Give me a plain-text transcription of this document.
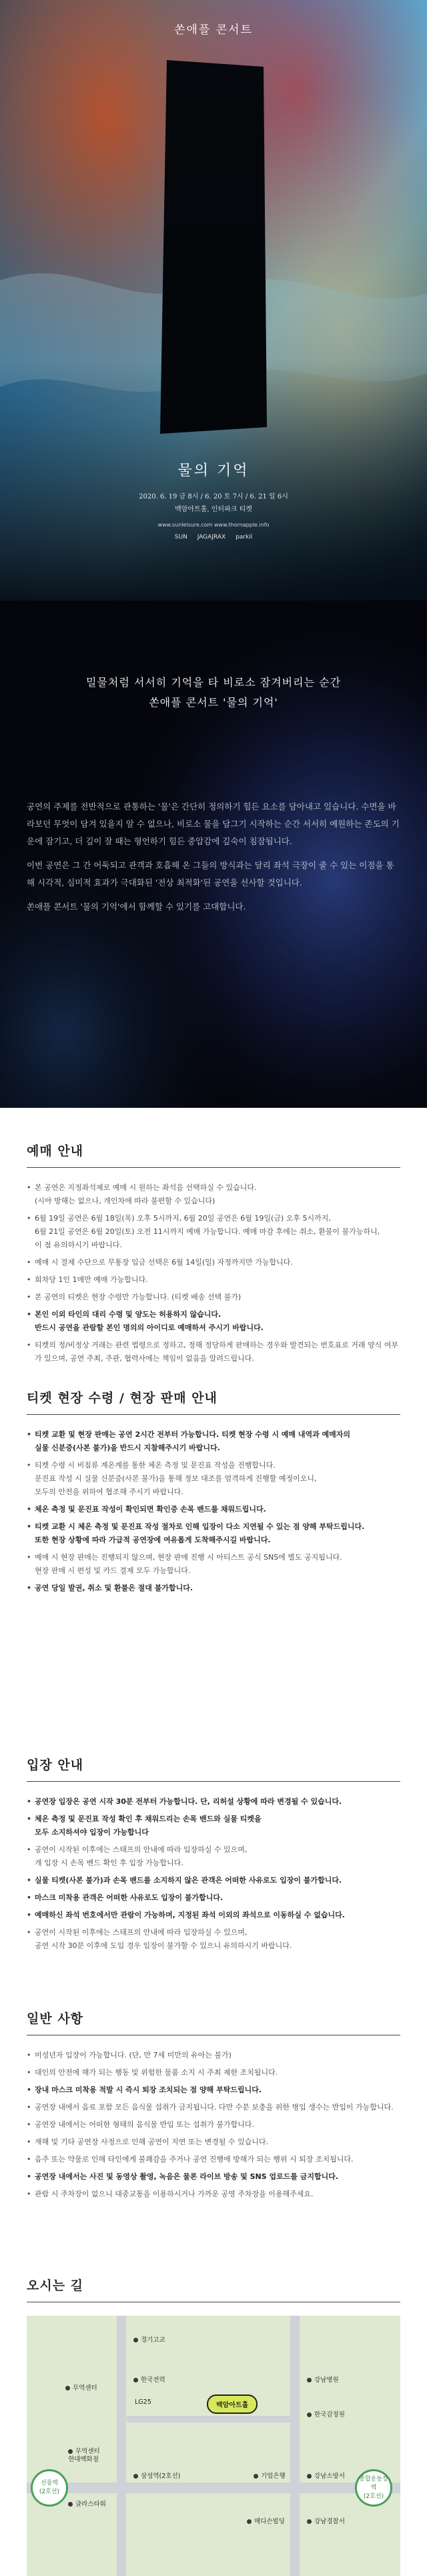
쏜애플 콘서트
물의 기억
2020. 6. 19 금 8시 / 6. 20 토 7시 / 6. 21 일 6시
백암아트홀, 인터파크 티켓
www.sunleisure.com www.thornapple.info
SUN JAGAJRAX parkil
밀물처럼 서서히 기억을 타 비로소 잠겨버리는 순간
쏜애플 콘서트 '물의 기억'

공연의 주제를 전반적으로 관통하는 '물'은 간단히 정의하기 힘든 요소를 담아내고 있습니다. 수면을 바라보던 무엇이 담겨 있을지 알 수 없으나, 비로소 물을 담그기 시작하는 순간 서서히 예원하는 존도의 기운에 잠기고, 더 깊이 잘 때는 형언하기 힘든 중압감에 깊숙이 침잠됩니다.

이번 공연은 그 간 어둑되고 관객과 호흡해 온 그들의 방식과는 달리 좌석 극장이 줄 수 있는 이점을 통해 시각적, 심미적 효과가 극대화된 '전상 최적화'된 공연을 선사할 것입니다.

쏜애플 콘서트 '물의 기억'에서 함께할 수 있기를 고대합니다.

예매 안내
• 본 공연은 지정좌석제로 예매 시 원하는 좌석을 선택하실 수 있습니다.
(시야 방해는 없으나, 개인차에 따라 불편할 수 있습니다)
• 6월 19일 공연은 6월 18일(목) 오후 5시까지, 6월 20일 공연은 6월 19일(금) 오후 5시까지,
6월 21일 공연은 6월 20일(토) 오전 11시까지 예매 가능합니다. 예매 마감 후에는 취소, 환불이 불가능하니,
이 점 유의하시기 바랍니다.
• 예매 시 결제 수단으로 무통장 입금 선택은 6월 14일(일) 자정까지만 가능합니다.
• 회차당 1인 1매만 예매 가능합니다.
• 본 공연의 티켓은 현장 수령만 가능합니다. (티켓 배송 선택 불가)
• 본인 이외 타인의 대리 수령 및 양도는 허용하지 않습니다.
반드시 공연을 관람할 본인 명의의 아이디로 예매하셔 주시기 바랍니다.
• 티켓의 정/비정상 거래는 관련 법령으로 정하고, 정해 정당하게 판매하는 경우와 발견되는 번호표로 거래 양식 여부가 있으며, 공연 주최, 주관, 협력사에는 책임이 없음을 알려드립니다.
티켓 현장 수령 / 현장 판매 안내
• 티켓 교환 및 현장 판매는 공연 2시간 전부터 가능합니다. 티켓 현장 수령 시 예매 내역과 예매자의
실물 신분증(사본 불가)을 반드시 지참해주시기 바랍니다.
• 티켓 수령 시 비침류 계온계를 통한 체온 측정 및 문진표 작성을 진행합니다.
문진표 작성 시 실물 신분증(사본 불가)을 통해 정보 대조를 엄격하게 진행할 예정이오니,
모두의 안전을 위하여 협조해 주시기 바랍니다.
• 체온 측정 및 문진표 작성이 확인되면 확인증 손목 밴드를 채워드립니다.
• 티켓 교환 시 체온 측정 및 문진표 작성 절차로 인해 입장이 다소 지연될 수 있는 점 양해 부탁드립니다.
또한 현장 상황에 따라 가급적 공연장에 여유롭게 도착해주시길 바랍니다.
• 예매 시 현장 판매는 진행되지 않으며, 현장 판매 진행 시 아티스트 공식 SNS에 별도 공지됩니다.
현장 판매 시 편성 및 카드 결제 모두 가능합니다.
• 공연 당일 발권, 취소 및 환불은 절대 불가합니다.
입장 안내
• 공연장 입장은 공연 시작 30분 전부터 가능합니다. 단, 리허설 상황에 따라 변경될 수 있습니다.
• 체온 측정 및 문진표 작성 확인 후 채워드리는 손목 밴드와 실물 티켓을
모두 소지하셔야 입장이 가능합니다
• 공연이 시작된 이후에는 스태프의 안내에 따라 입장하실 수 있으며,
개 입장 시 손목 밴드 확인 후 입장 가능합니다.
• 실물 티켓(사본 불가)과 손목 밴드를 소지하지 않은 관객은 어떠한 사유로도 입장이 불가합니다.
• 마스크 미착용 관객은 어떠한 사유로도 입장이 불가합니다.
• 예매하신 좌석 번호에서만 관람이 가능하며, 지정된 좌석 이외의 좌석으로 이동하실 수 없습니다.
• 공연이 시작된 이후에는 스태프의 안내에 따라 입장하실 수 있으며,
공연 시작 30분 이후에 도입 경우 입장이 불가할 수 있으니 유의하시기 바랍니다.
일반 사항
• 미성년자 입장이 가능합니다. (단, 만 7세 미만의 유아는 불가)
• 대인의 안전에 해가 되는 행동 및 위험한 물품 소지 시 주최 제한 조치됩니다.
• 장내 마스크 미착용 적발 시 즉시 퇴장 조치되는 점 양해 부탁드립니다.
• 공연장 내에서 음료 포함 모든 음식물 섭취가 금지됩니다. 다만 수분 보충을 위한 병입 생수는 반입이 가능합니다.
• 공연장 내에서는 어떠한 형태의 음식물 반입 또는 섭취가 불가합니다.
• 재해 및 기타 공연장 사정으로 인해 공연이 지연 또는 변경될 수 있습니다.
• 음주 또는 약물로 인해 타인에게 불쾌감을 주거나 공연 진행에 방해가 되는 행위 시 퇴장 조치됩니다.
• 공연장 내에서는 사진 및 동영상 촬영, 녹음은 물론 라이브 방송 및 SNS 업로드를 금지합니다.
• 관람 시 주차장이 없으니 대중교통을 이용하시거나 가까운 공영 주차장을 이용해주세요.
오시는 길
선릉역
(2호선)
종합운동장역
(2호선)
백암아트홀
경기고교
한국전력
무역센터
LG25
강남병원
한국감정원
무역센터
현대백화점
기업은행	강남소방서
글라스타워
삼성역(2호선)
메디슨빌딩	강남경찰서
